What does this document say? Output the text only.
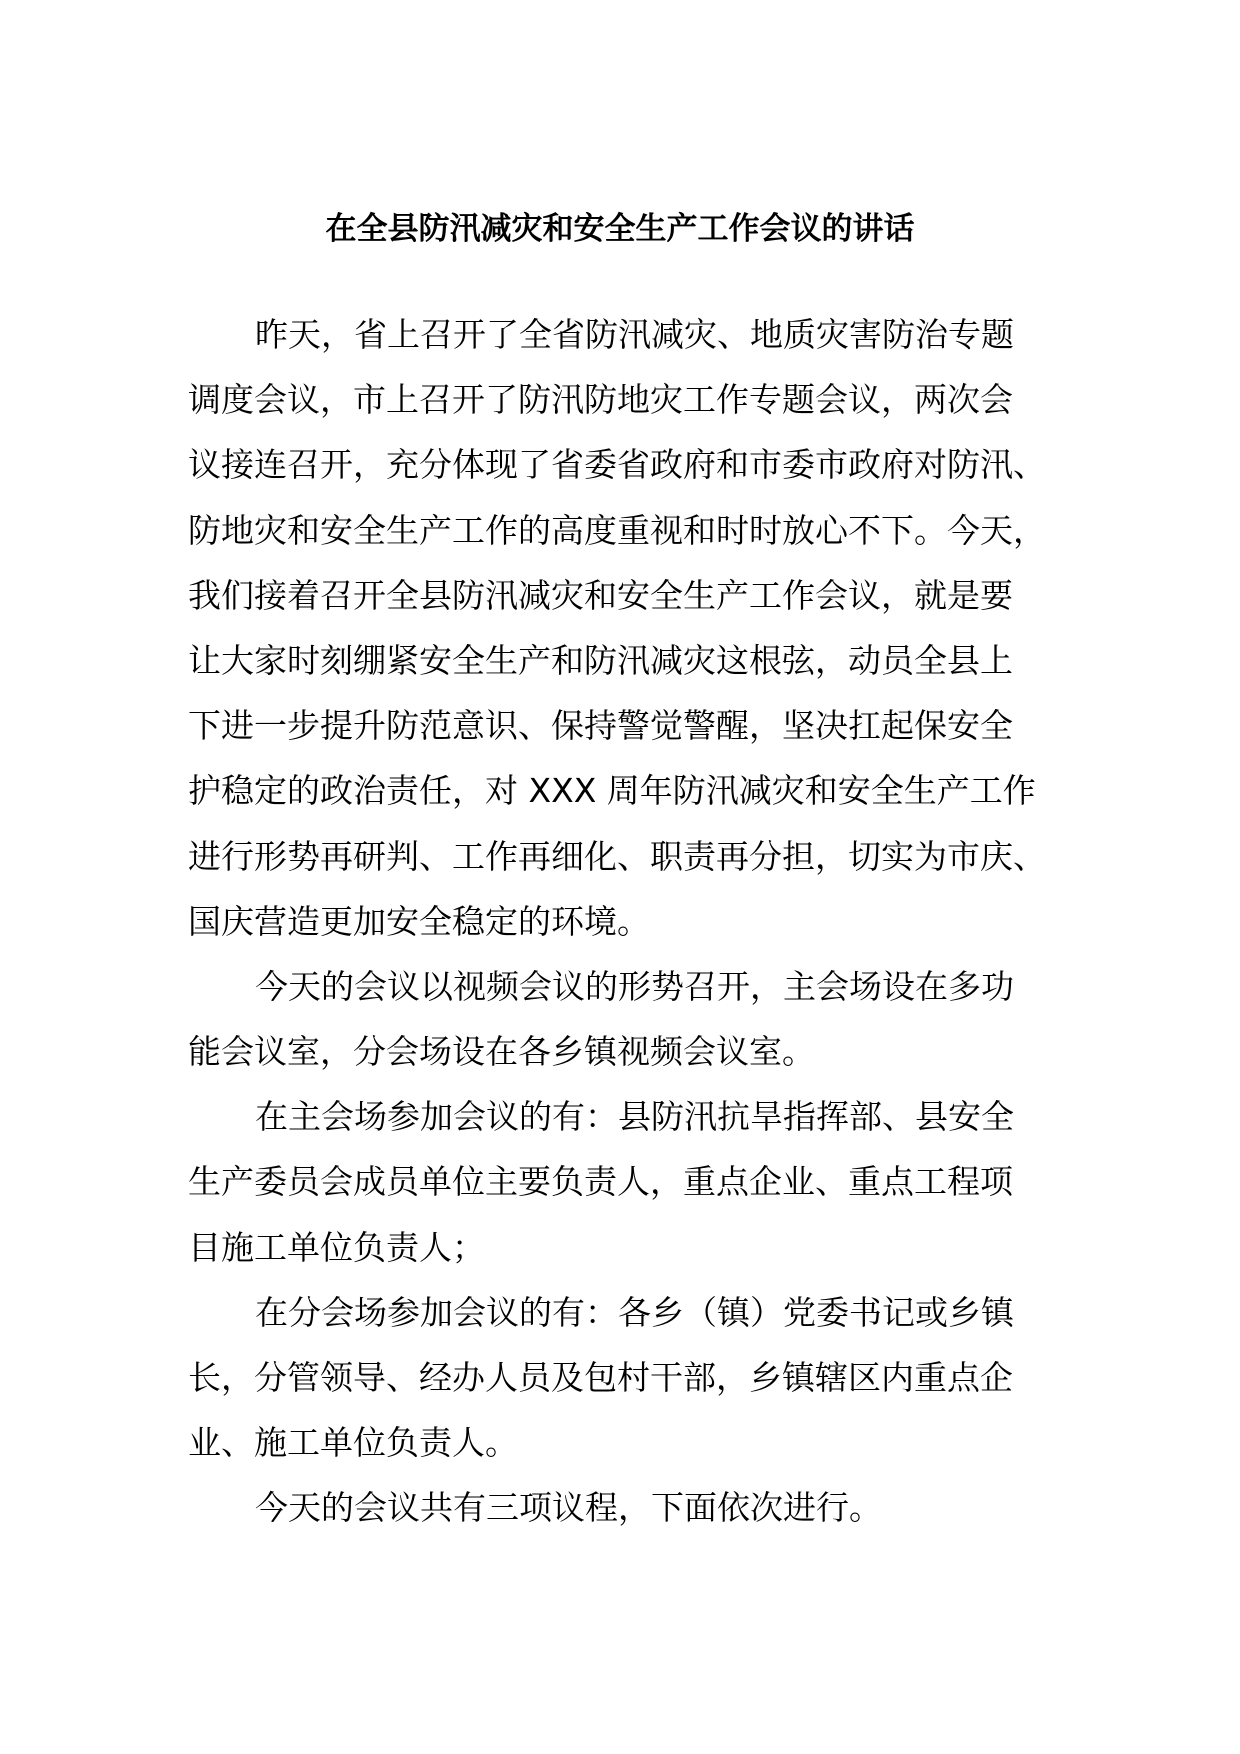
在全县防汛减灾和安全生产工作会议的讲话

昨天，省上召开了全省防汛减灾、地质灾害防治专题
调度会议，市上召开了防汛防地灾工作专题会议，两次会
议接连召开，充分体现了省委省政府和市委市政府对防汛、
防地灾和安全生产工作的高度重视和时时放心不下。今天，
我们接着召开全县防汛减灾和安全生产工作会议，就是要
让大家时刻绷紧安全生产和防汛减灾这根弦，动员全县上
下进一步提升防范意识、保持警觉警醒，坚决扛起保安全
护稳定的政治责任，对 XXX 周年防汛减灾和安全生产工作
进行形势再研判、工作再细化、职责再分担，切实为市庆、
国庆营造更加安全稳定的环境。

今天的会议以视频会议的形势召开，主会场设在多功
能会议室，分会场设在各乡镇视频会议室。

在主会场参加会议的有：县防汛抗旱指挥部、县安全
生产委员会成员单位主要负责人，重点企业、重点工程项
目施工单位负责人；

在分会场参加会议的有：各乡（镇）党委书记或乡镇
长，分管领导、经办人员及包村干部，乡镇辖区内重点企
业、施工单位负责人。

今天的会议共有三项议程，下面依次进行。
